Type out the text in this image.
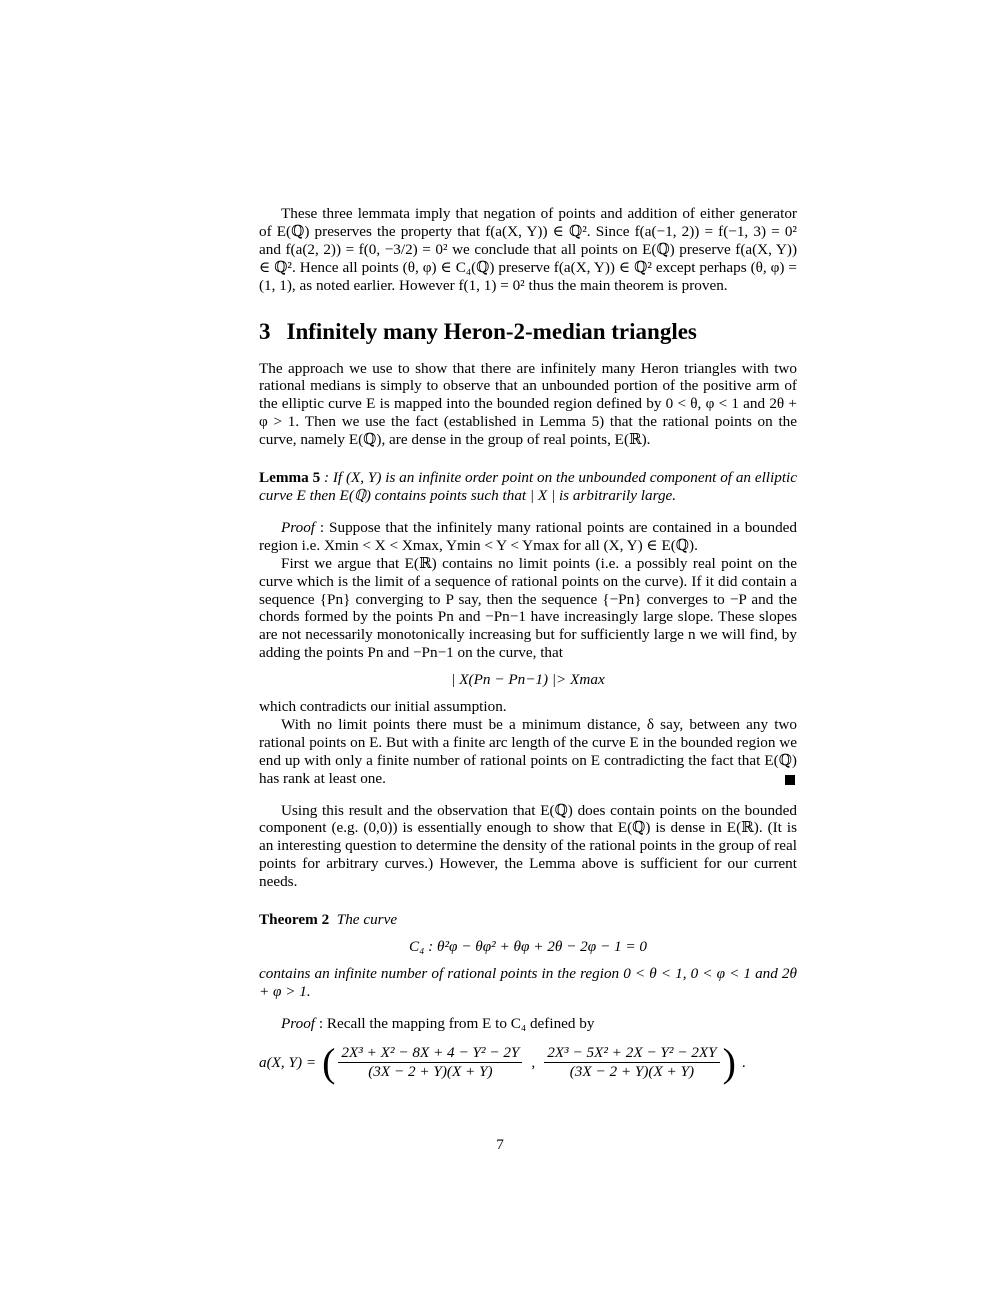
These three lemmata imply that negation of points and addition of either generator of E(ℚ) preserves the property that f(a(X, Y)) ∈ ℚ². Since f(a(−1, 2)) = f(−1, 3) = 0² and f(a(2, 2)) = f(0, −3/2) = 0² we conclude that all points on E(ℚ) preserve f(a(X, Y)) ∈ ℚ². Hence all points (θ, φ) ∈ C₄(ℚ) preserve f(a(X, Y)) ∈ ℚ² except perhaps (θ, φ) = (1, 1), as noted earlier. However f(1, 1) = 0² thus the main theorem is proven.

3 Infinitely many Heron-2-median triangles

The approach we use to show that there are infinitely many Heron triangles with two rational medians is simply to observe that an unbounded portion of the positive arm of the elliptic curve E is mapped into the bounded region defined by 0 < θ, φ < 1 and 2θ + φ > 1. Then we use the fact (established in Lemma 5) that the rational points on the curve, namely E(ℚ), are dense in the group of real points, E(ℝ).

Lemma 5 : If (X, Y) is an infinite order point on the unbounded component of an elliptic curve E then E(ℚ) contains points such that | X | is arbitrarily large.

Proof : Suppose that the infinitely many rational points are contained in a bounded region i.e. Xmin < X < Xmax, Ymin < Y < Ymax for all (X, Y) ∈ E(ℚ).

First we argue that E(ℝ) contains no limit points (i.e. a possibly real point on the curve which is the limit of a sequence of rational points on the curve). If it did contain a sequence {Pn} converging to P say, then the sequence {−Pn} converges to −P and the chords formed by the points Pn and −Pn−1 have increasingly large slope. These slopes are not necessarily monotonically increasing but for sufficiently large n we will find, by adding the points Pn and −Pn−1 on the curve, that

| X(Pn − Pn−1) |> Xmax

which contradicts our initial assumption.

With no limit points there must be a minimum distance, δ say, between any two rational points on E. But with a finite arc length of the curve E in the bounded region we end up with only a finite number of rational points on E contradicting the fact that E(ℚ) has rank at least one.

Using this result and the observation that E(ℚ) does contain points on the bounded component (e.g. (0,0)) is essentially enough to show that E(ℚ) is dense in E(ℝ). (It is an interesting question to determine the density of the rational points in the group of real points for arbitrary curves.) However, the Lemma above is sufficient for our current needs.

Theorem 2 The curve

C₄ : θ²φ − θφ² + θφ + 2θ − 2φ − 1 = 0

contains an infinite number of rational points in the region 0 < θ < 1, 0 < φ < 1 and 2θ + φ > 1.

Proof : Recall the mapping from E to C₄ defined by

a(X, Y) = ( $\frac{\text{2X³ + X² − 8X + 4 − Y² − 2Y}}{(3X - 2 + Y)(X + Y)}$ , $\frac{\text{2X³ − 5X² + 2X − Y² − 2XY}}{(3X - 2 + Y)(X + Y)}$ ) .
7
